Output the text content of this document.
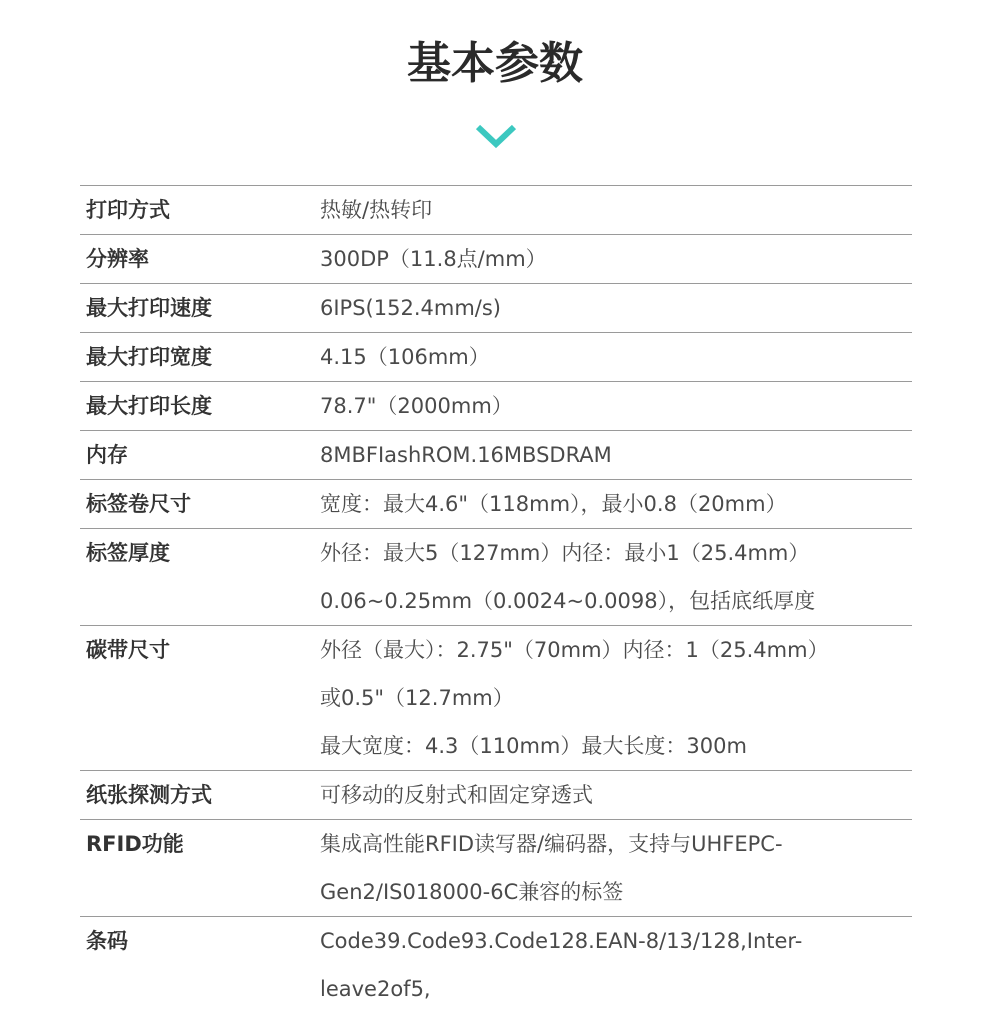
基本参数
打印方式	热敏/热转印
分辨率	300DP（11.8点/mm）
最大打印速度	6IPS(152.4mm/s)
最大打印宽度	4.15（106mm）
最大打印长度	78.7"（2000mm）
内存	8MBFIashROM.16MBSDRAM
标签卷尺寸	宽度：最大4.6"（118mm），最小0.8（20mm）
标签厚度	外径：最大5（127mm）内径：最小1（25.4mm）
0.06~0.25mm（0.0024~0.0098），包括底纸厚度
碳带尺寸	外径（最大）：2.75"（70mm）内径：1（25.4mm）
或0.5"（12.7mm）
最大宽度：4.3（110mm）最大长度：300m
纸张探测方式	可移动的反射式和固定穿透式
RFID功能	集成高性能RFID读写器/编码器，支持与UHFEPC-
Gen2/IS018000-6C兼容的标签
条码	Code39.Code93.Code128.EAN-8/13/128,Inter-
leave2of5,
